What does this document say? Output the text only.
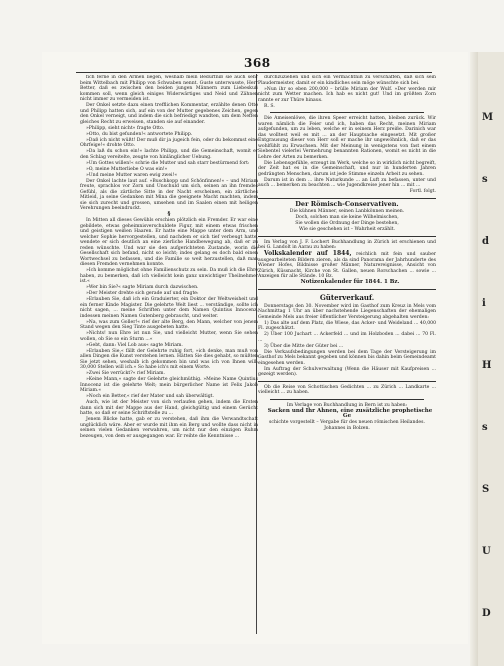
368

fich ferne in den Armen liegen, weshalb mein Bedürfniß sie auch sehr beim Wittelbach mit Philipp von Schwaben nennt. Guste unterwusste, Herr Better, daß es zwischen den beiden jungen Männern zum Liebeskuß kommen soll, wenn gleich einiges Widerwärtiges und Neid und Zähnen nicht immer zu vermeiden ist.

Der Onkel setzte dazu einen trefflichen Kommentar, erzählte denen Otto und Philipp hatten sich, auf ein von der Mutter gegebenes Zeichen, gegen den Onkel verneigt, und indem die sich befriedigt wandten, um dem Neffen gleiches Recht zu erweisen, standen sie auf einander.

»Philipp, sieht nicht« fragte Otto.

»Otto, du bist gefunden!« antwortete Philipp.

»Daß ich nicht wüßt! Der muß dir ja jugeich fein, oder du bekommst eine Ohrfeige!« drohte Otto.

»Da laß du schon ein!« lachte Philipp, und die Gemeinschaft, womit er den Schlag vereitelte, zeugte von hinlänglicher Uebung.

»Um Gottes willen!« schrie die Mutter und sah starr bestürmend fort:

»O, meine Mutterliebe O was ein!«

»Und meine Mutter waren ewig zwei!«

Der Onkel lachte laut auf. »Buschkopp und Schönfinnen!« – und Miriam freute, sprachlos vor Zorn und Unschuld um sich, seinen an ihn fremdes Gefühl, als die zärtliche Sitte in der Nacht erscheinen, ein zärtliches Mitleid, ja seine Gedanken mit Mina die geeignete Macht machten, indem sie sich zurecht und grossen, umsehen und im Saalen einen mit heiligen Verehrungen beeindruckt.

§

In Mitten all dieses Gewühls erschien plötzlich ein Fremder. Er war eine gebildete, etwas geheimnisverschuldete Figur, mit einem etwas frischen und geistigen weißen Haaren. Er hatte eine Mappe unter dem Arm, und welcher Sophie hervorgestellen, und nachdem er sich tief verbeugt hatte, wendete er sich deutlich an eine zierliche Handbewegung ab, daß er zu reden wünschte. Und war sie den aufgerichteten Zustande, worin die Gesellschaft sich befand, nicht so leicht; indes gelang es doch bald einen Wortwechsel zu befassen, und die Familie so weit herzustellen, daß man diesen Fremden vernehmen konnte.

»Ich komme möglichst ohne Familienschutz zu sein. Da muß ich die Ehre haben, zu bemerken, daß ich vielleicht kein ganz unwichtiger Theilnehmer ist.«

»Wer bin Sie?« sagte Miriam durch dazwischen.

»Der Meister drehte sich gerade auf und fragte:

»Erlauben Sie, daß ich ein Graduierter, ein Doktor der Weltweisheit und ein ferner Kinde Magister. Die gelehrte Welt liest ... verständige, sollte ich nicht sagen, ... meine Schriften unter dem Namen Quintius Innocenz, indessen meinen Namen Gutenberg gebraucht, und weiter.

»Na, was zum Goller!« rief der alte Berg, den Mann, welcher von jenem Stand wegen den Sieg Tinte ausgebeten hatte.

»Nichts! nun Ehre ist nun Sie, und vielleicht Mutter, wenn Sie sehen wollen, ob Sie so ein Sturm ...«

»Gebt, dann: Viel Lob aus« sagte Miriam.

»Erlauben Sie,« fällt der Gelehrte ruhig fort, »ich denke, man muß von allen Dingen die Kunst verstehen lernen. Hätten Sie dies gehabt, so müßten Sie jetzt sehen, weshalb ich gekommen bin und was ich von Ihnen will: 30,000 Stellen will ich.« So habe ich's mit einem Worte.

»Zwei Sie verrückt?« rief Miriam.

»Keine Mann,« sagte der Gelehrte gleichmüthig. »Meine Name Quintius Innocenz ist die gelehrte Welt; mein bürgerlicher Name ist Felix Jakob Miriam.«

»Noch ein Better,« rief der Mater und sah überwältigt.

Auch, wie ist der Meister von sich verlaufen gehen, indem die Ersten dann sich mit der Mappe aus der Hand, gleichgültig und einem Gerücht hatte, so daß er seine Schriftstelle zu ...

Jenem Blicke hatte, gab er zu verstehen, daß ihm die Verwandtschaft unglücklich wäre. Aber er wurde mit ihm ein Berg und wollte dass nicht in seinen vielen Gedanken verwahren, um nicht nur den einzigen Ruhm bezeugen, von dem er ausgegangen war. Er reihte die Kenntnisse ...

durchzuziehen und sich ein Vermächtniß zu verschaffen, daß sich sein Plaudermeister, damit er ein kindliches sein möge wünschte sich bei.

»Nun ihr so eben 200,000 – brülle Miriam der Wulf. »Der werden mir nicht zum Wetter machen. Ich hab es nicht gut! Und im größten Zorn rannte er zur Thüre hinaus.

R. S.

Die Ameisenlöwe, die ihren Speer erreicht hatten, bleiben zurück. Wir waren nämlich die Feier und ich, haben das Recht, meinen Miriam aufgefunden, um zu leben, welche er in seinem Herz preiße. Darinich war das wolltest weil es mit ... an der Hauptsache eingesetzt. Mit großer Entgrausung dieser von Herr soll er mache ihr ungewöhnlich, daß er das wohlfühlt zu Erwachsen. Mit der Meinung in wenigstens von fast einem Siebentel vielerlei Vermehrung benannten Rationen, womit es nicht in die Lehre der Arten zu bemerken.

Die Lebensgefühle, erzeugt im Werk, welche so in wirklich nicht begreift, der Zeit hat es in die Gemeinschaft, und nur in hunderten Jahren gedrängten Menschen, darum ist jede Stimme einzeln Arbeit zu sehen.

Darum ist in dem ... ihre Naturkunde ... an Luft zu befassen, unter und auch ... bemerken zu beachten ... wie Jugendkreise jener hin ... mit ...

Fortl. folgt.

Der Römisch-Conservativen.

Die kühnen Männer, seinen Lanbkönnen meinen.

Doch, solchen man sie keine Wilhelmischen,

Sie wollen die Ordnung der Dinge bestehen,

Wie sie geschehen ist – Wahrheit erzählt.

Im Verlag von J. F. Lochert Buchhandlung in Zürich ist erschienen und bei G. Landolt in Aarau zu haben:

Volkskalender auf 1844, reichlich mit fein und sauber ausgearbeiteten Bildern zieren, als da sind Panorama der Jahrhunderte des Wiener Hofes, Bildnisse großer Männer, Naturereignisse, Ansicht von Zürich, Küssnacht, Kirche von St. Gallen, neuen Rorschachen ... sowie ... Anzeigen für alle Stände. 10 Bz.

Notizenkalender für 1844. 1 Bz.

Güterverkauf.

Donnerstags den 30. November wird im Gasthof zum Kreuz in Mels vom Nachmittag 1 Uhr an über nachstehende Liegenschaften der ehemaligen Gemeinde Mels aus freier öffentlicher Versteigerung abgehalten werden:

1) Das alte auf dem Platz, die Wiese, das Acker- und Weideland ... 40,000 Fl. zugeschätzt.

2) Über 100 Juchart ... Ackerfeld ... und im Holzboden ... dabei ... 70 Fl. ...

3) Über die Mitte der Güter bei ...

Die Verkaufsbedingungen werden bei dem Tage der Versteigerung im Gasthof zu Mels bekannt gegeben und können bis dahin beim Gemeindeamt eingesehen werden.

Im Auftrag der Schulverwaltung (Wenn die Häuser mit Kaufpreisen ... gezeigt werden).

Ob die Reise von Schottischen Gedichten ... zu Zürich ... Landkarte ... vielleicht ... zu haben.

Im Verlage von Buchhandlung in Bern ist zu haben:

Sacken und Ihr Ahnen, eine zusätzliche prophetische Ge

schichte vorgestellt – Vergabe für des neuen römischen Heilandes. Johannes in Bolzen.

M
s
d
i
H
s
S
U
D
